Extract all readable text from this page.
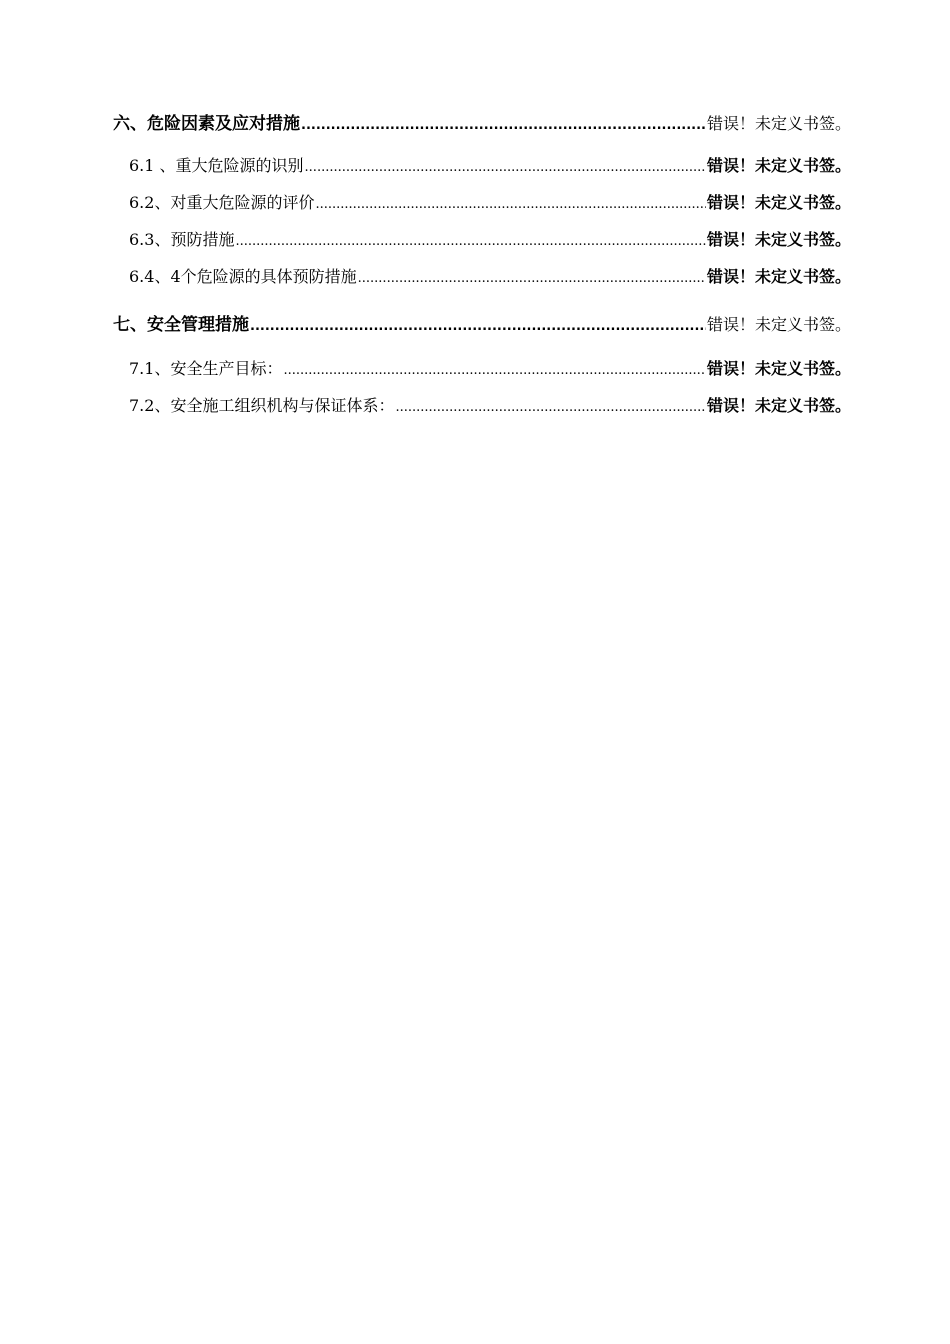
六、危险因素及应对措施 .....	错误！未定义书签。
6.1 、重大危险源的识别 .....	错误！未定义书签。
6.2、对重大危险源的评价 .....	错误！未定义书签。
6.3、预防措施 .....	错误！未定义书签。
6.4、4个危险源的具体预防措施 .....	错误！未定义书签。
七、安全管理措施 .....	错误！未定义书签。
7.1、安全生产目标： .....	错误！未定义书签。
7.2、安全施工组织机构与保证体系： .....	错误！未定义书签。
